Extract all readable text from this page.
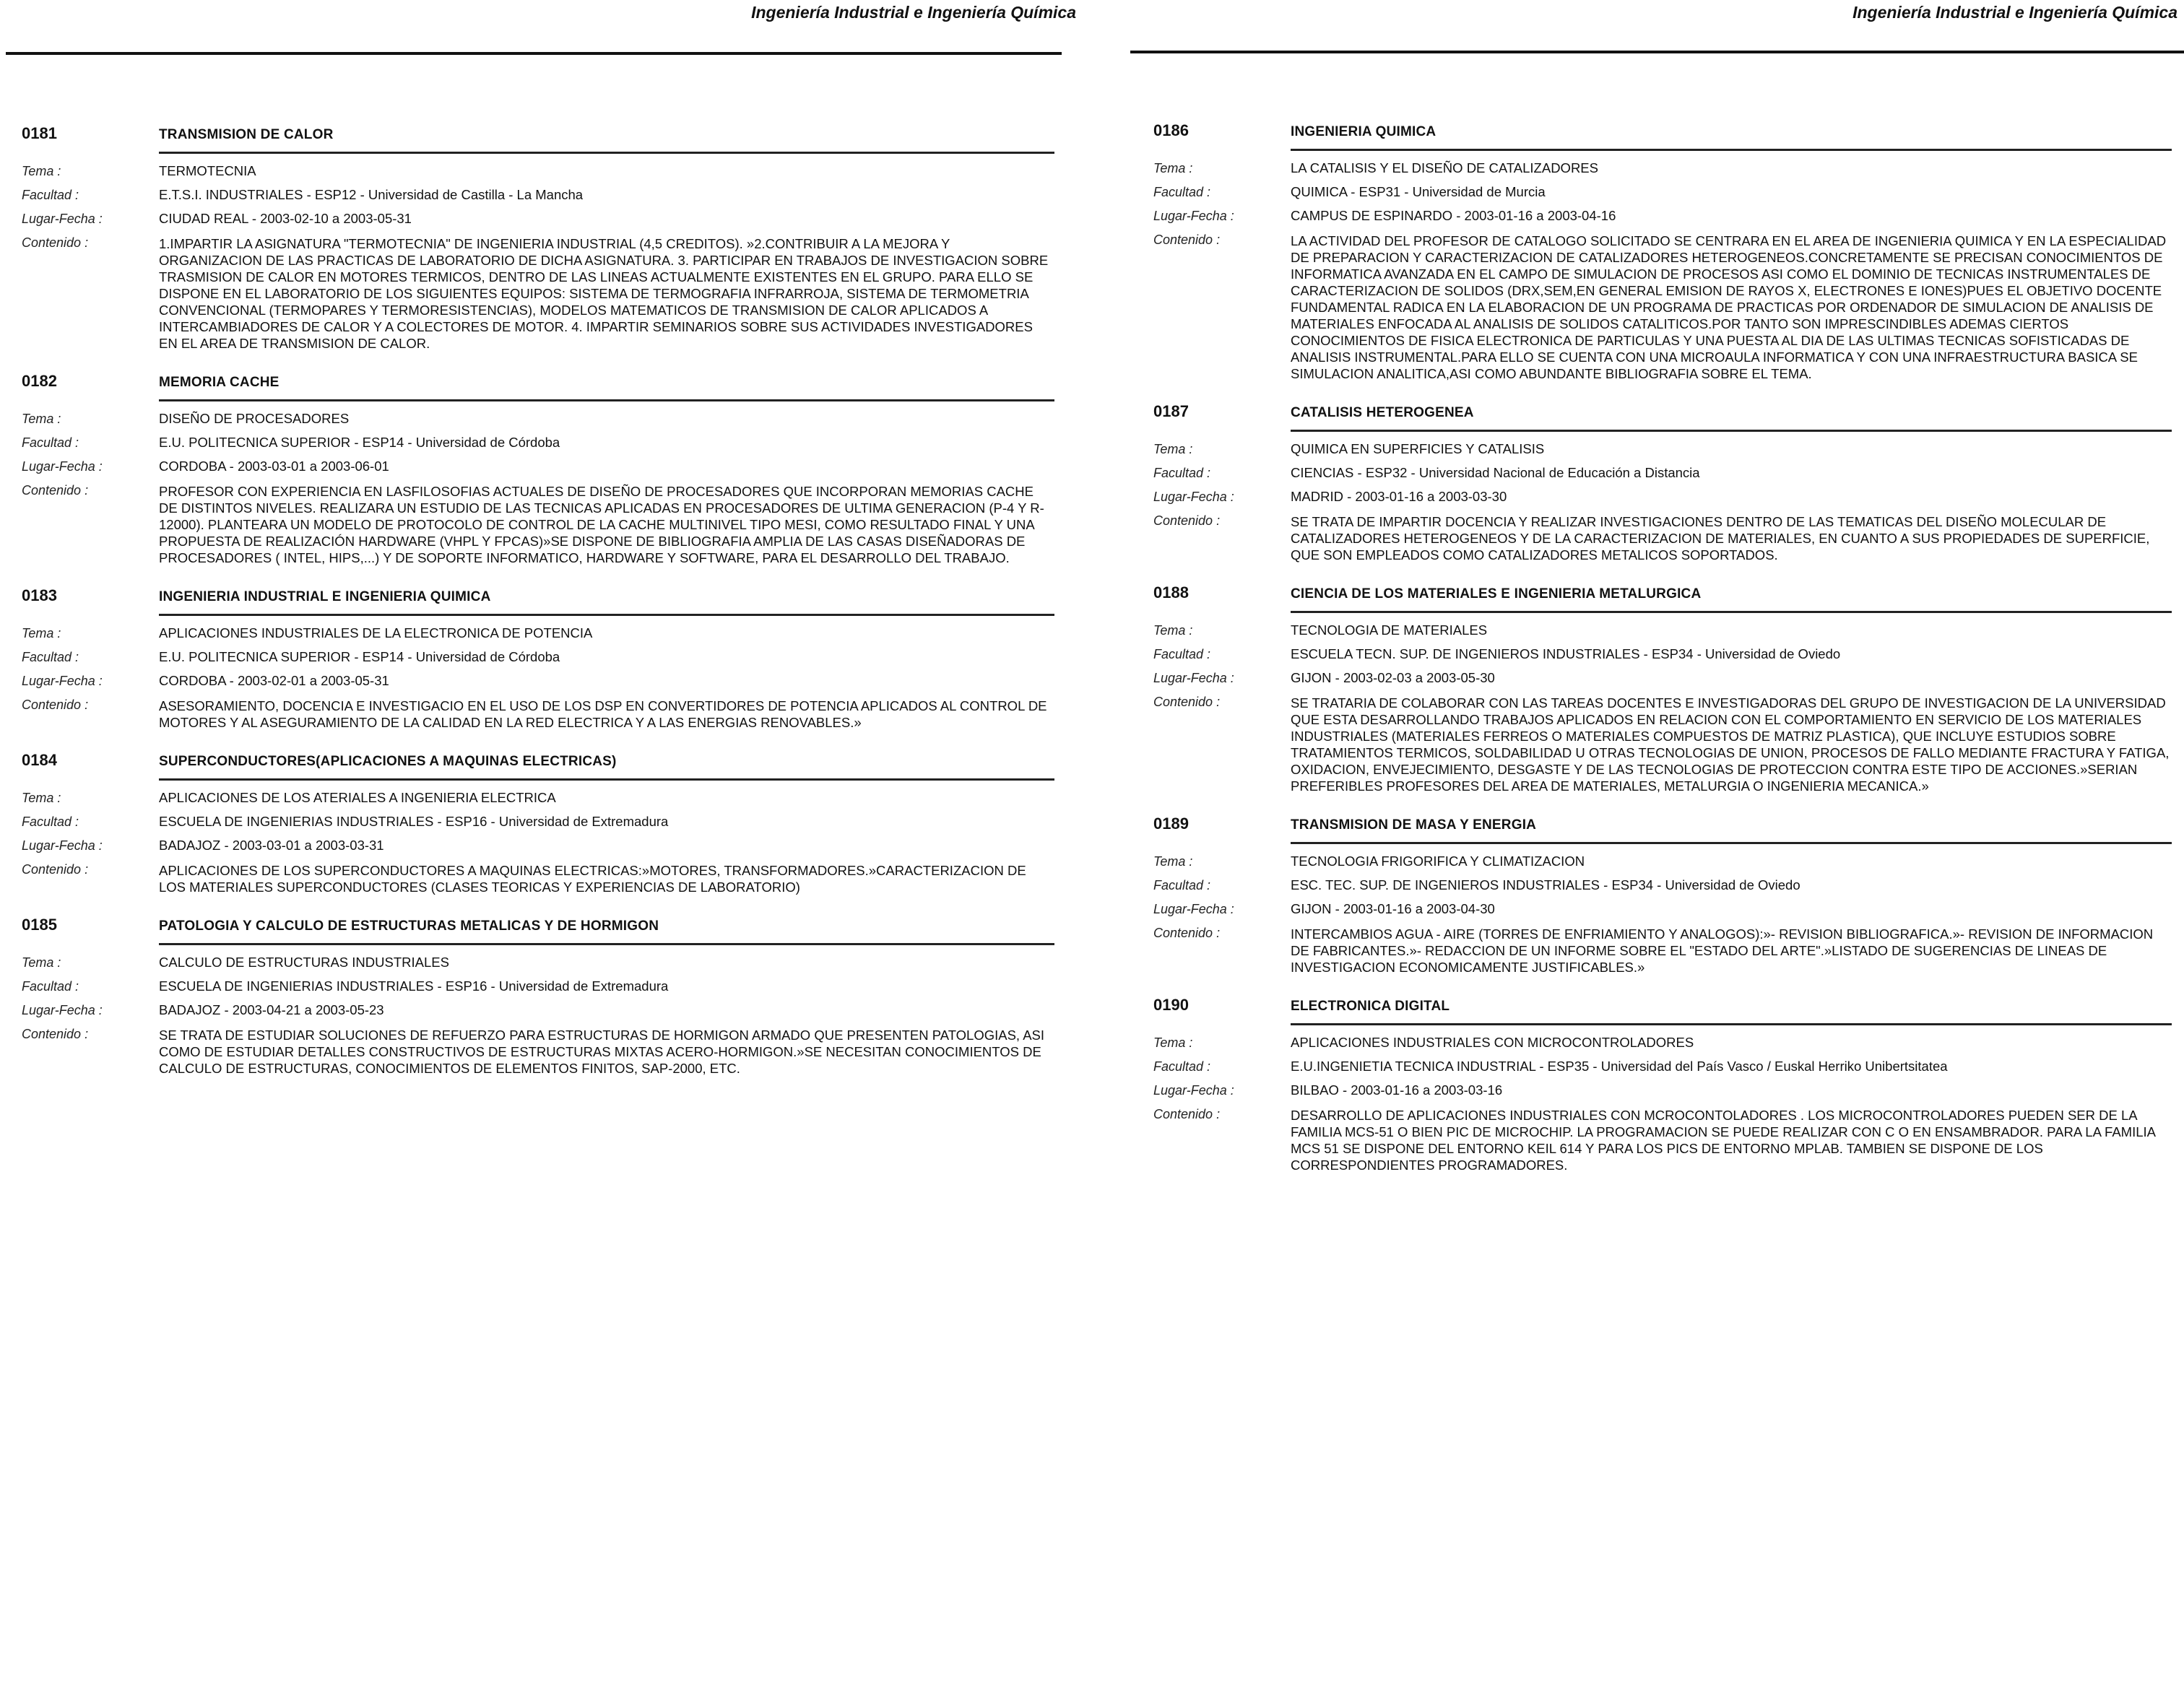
Ingeniería Industrial e Ingeniería Química
0181	TRANSMISION DE CALOR
Tema :	TERMOTECNIA
Facultad :	E.T.S.I. INDUSTRIALES - ESP12 - Universidad de Castilla - La Mancha
Lugar-Fecha :	CIUDAD REAL - 2003-02-10 a 2003-05-31
Contenido :	1.IMPARTIR LA ASIGNATURA "TERMOTECNIA" DE INGENIERIA INDUSTRIAL (4,5 CREDITOS). »2.CONTRIBUIR A LA MEJORA Y ORGANIZACION DE LAS PRACTICAS DE LABORATORIO DE DICHA ASIGNATURA. 3. PARTICIPAR EN TRABAJOS DE INVESTIGACION SOBRE TRASMISION DE CALOR EN MOTORES TERMICOS, DENTRO DE LAS LINEAS ACTUALMENTE EXISTENTES EN EL GRUPO. PARA ELLO SE DISPONE EN EL LABORATORIO DE LOS SIGUIENTES EQUIPOS: SISTEMA DE TERMOGRAFIA INFRARROJA, SISTEMA DE TERMOMETRIA CONVENCIONAL (TERMOPARES Y TERMORESISTENCIAS), MODELOS MATEMATICOS DE TRANSMISION DE CALOR APLICADOS A INTERCAMBIADORES DE CALOR Y A COLECTORES DE MOTOR. 4. IMPARTIR SEMINARIOS SOBRE SUS ACTIVIDADES INVESTIGADORES EN EL AREA DE TRANSMISION DE CALOR.
0182	MEMORIA CACHE
Tema :	DISEÑO DE PROCESADORES
Facultad :	E.U. POLITECNICA SUPERIOR - ESP14 - Universidad de Córdoba
Lugar-Fecha :	CORDOBA - 2003-03-01 a 2003-06-01
Contenido :	PROFESOR CON EXPERIENCIA EN LASFILOSOFIAS ACTUALES DE DISEÑO DE PROCESADORES QUE INCORPORAN MEMORIAS CACHE DE DISTINTOS NIVELES. REALIZARA UN ESTUDIO DE LAS TECNICAS APLICADAS EN PROCESADORES DE ULTIMA GENERACION (P-4 Y R-12000). PLANTEARA UN MODELO DE PROTOCOLO DE CONTROL DE LA CACHE MULTINIVEL TIPO MESI, COMO RESULTADO FINAL Y UNA PROPUESTA DE REALIZACIÓN HARDWARE (VHPL Y FPCAS)»SE DISPONE DE BIBLIOGRAFIA AMPLIA DE LAS CASAS DISEÑADORAS DE PROCESADORES ( INTEL, HIPS,...) Y DE SOPORTE INFORMATICO, HARDWARE Y SOFTWARE, PARA EL DESARROLLO DEL TRABAJO.
0183	INGENIERIA INDUSTRIAL E INGENIERIA QUIMICA
Tema :	APLICACIONES INDUSTRIALES DE LA ELECTRONICA DE POTENCIA
Facultad :	E.U. POLITECNICA SUPERIOR - ESP14 - Universidad de Córdoba
Lugar-Fecha :	CORDOBA - 2003-02-01 a 2003-05-31
Contenido :	ASESORAMIENTO, DOCENCIA E INVESTIGACIO EN EL USO DE LOS DSP EN CONVERTIDORES DE POTENCIA APLICADOS AL CONTROL DE MOTORES Y AL ASEGURAMIENTO DE LA CALIDAD EN LA RED ELECTRICA Y A LAS ENERGIAS RENOVABLES.»
0184	SUPERCONDUCTORES(APLICACIONES A MAQUINAS ELECTRICAS)
Tema :	APLICACIONES DE LOS ATERIALES A INGENIERIA ELECTRICA
Facultad :	ESCUELA DE INGENIERIAS INDUSTRIALES - ESP16 - Universidad de Extremadura
Lugar-Fecha :	BADAJOZ - 2003-03-01 a 2003-03-31
Contenido :	APLICACIONES DE LOS SUPERCONDUCTORES A MAQUINAS ELECTRICAS:»MOTORES, TRANSFORMADORES.»CARACTERIZACION DE LOS MATERIALES SUPERCONDUCTORES (CLASES TEORICAS Y EXPERIENCIAS DE LABORATORIO)
0185	PATOLOGIA Y CALCULO DE ESTRUCTURAS METALICAS Y DE HORMIGON
Tema :	CALCULO DE ESTRUCTURAS INDUSTRIALES
Facultad :	ESCUELA DE INGENIERIAS INDUSTRIALES - ESP16 - Universidad de Extremadura
Lugar-Fecha :	BADAJOZ - 2003-04-21 a 2003-05-23
Contenido :	SE TRATA DE ESTUDIAR SOLUCIONES DE REFUERZO PARA ESTRUCTURAS DE HORMIGON ARMADO QUE PRESENTEN PATOLOGIAS, ASI COMO DE ESTUDIAR DETALLES CONSTRUCTIVOS DE ESTRUCTURAS MIXTAS ACERO-HORMIGON.»SE NECESITAN CONOCIMIENTOS DE CALCULO DE ESTRUCTURAS, CONOCIMIENTOS DE ELEMENTOS FINITOS, SAP-2000, ETC.
Ingeniería Industrial e Ingeniería Química
0186	INGENIERIA QUIMICA
Tema :	LA CATALISIS Y EL DISEÑO DE CATALIZADORES
Facultad :	QUIMICA - ESP31 - Universidad de Murcia
Lugar-Fecha :	CAMPUS DE ESPINARDO - 2003-01-16 a 2003-04-16
Contenido :	LA ACTIVIDAD DEL PROFESOR DE CATALOGO SOLICITADO SE CENTRARA EN EL AREA DE INGENIERIA QUIMICA Y EN LA ESPECIALIDAD DE PREPARACION Y CARACTERIZACION DE CATALIZADORES HETEROGENEOS.CONCRETAMENTE SE PRECISAN CONOCIMIENTOS DE INFORMATICA AVANZADA EN EL CAMPO DE SIMULACION DE PROCESOS ASI COMO EL DOMINIO DE TECNICAS INSTRUMENTALES DE CARACTERIZACION DE SOLIDOS (DRX,SEM,EN GENERAL EMISION DE RAYOS X, ELECTRONES E IONES)PUES EL OBJETIVO DOCENTE FUNDAMENTAL RADICA EN LA ELABORACION DE UN PROGRAMA DE PRACTICAS POR ORDENADOR DE SIMULACION DE ANALISIS DE MATERIALES ENFOCADA AL ANALISIS DE SOLIDOS CATALITICOS.POR TANTO SON IMPRESCINDIBLES ADEMAS CIERTOS CONOCIMIENTOS DE FISICA ELECTRONICA DE PARTICULAS Y UNA PUESTA AL DIA DE LAS ULTIMAS TECNICAS SOFISTICADAS DE ANALISIS INSTRUMENTAL.PARA ELLO SE CUENTA CON UNA MICROAULA INFORMATICA Y CON UNA INFRAESTRUCTURA BASICA SE SIMULACION ANALITICA,ASI COMO ABUNDANTE BIBLIOGRAFIA SOBRE EL TEMA.
0187	CATALISIS HETEROGENEA
Tema :	QUIMICA EN SUPERFICIES Y CATALISIS
Facultad :	CIENCIAS - ESP32 - Universidad Nacional de Educación a Distancia
Lugar-Fecha :	MADRID - 2003-01-16 a 2003-03-30
Contenido :	SE TRATA DE IMPARTIR DOCENCIA Y REALIZAR INVESTIGACIONES DENTRO DE LAS TEMATICAS DEL DISEÑO MOLECULAR DE CATALIZADORES HETEROGENEOS Y DE LA CARACTERIZACION DE MATERIALES, EN CUANTO A SUS PROPIEDADES DE SUPERFICIE, QUE SON EMPLEADOS COMO CATALIZADORES METALICOS SOPORTADOS.
0188	CIENCIA DE LOS MATERIALES E INGENIERIA METALURGICA
Tema :	TECNOLOGIA DE MATERIALES
Facultad :	ESCUELA TECN. SUP. DE INGENIEROS INDUSTRIALES - ESP34 - Universidad de Oviedo
Lugar-Fecha :	GIJON - 2003-02-03 a 2003-05-30
Contenido :	SE TRATARIA DE COLABORAR CON LAS TAREAS DOCENTES E INVESTIGADORAS DEL GRUPO DE INVESTIGACION DE LA UNIVERSIDAD QUE ESTA DESARROLLANDO TRABAJOS APLICADOS EN RELACION CON EL COMPORTAMIENTO EN SERVICIO DE LOS MATERIALES INDUSTRIALES (MATERIALES FERREOS O MATERIALES COMPUESTOS DE MATRIZ PLASTICA), QUE INCLUYE ESTUDIOS SOBRE TRATAMIENTOS TERMICOS, SOLDABILIDAD U OTRAS TECNOLOGIAS DE UNION, PROCESOS DE FALLO MEDIANTE FRACTURA Y FATIGA, OXIDACION, ENVEJECIMIENTO, DESGASTE Y DE LAS TECNOLOGIAS DE PROTECCION CONTRA ESTE TIPO DE ACCIONES.»SERIAN PREFERIBLES PROFESORES DEL AREA DE MATERIALES, METALURGIA O INGENIERIA MECANICA.»
0189	TRANSMISION DE MASA Y ENERGIA
Tema :	TECNOLOGIA FRIGORIFICA Y CLIMATIZACION
Facultad :	ESC. TEC. SUP. DE INGENIEROS INDUSTRIALES - ESP34 - Universidad de Oviedo
Lugar-Fecha :	GIJON - 2003-01-16 a 2003-04-30
Contenido :	INTERCAMBIOS AGUA - AIRE (TORRES DE ENFRIAMIENTO Y ANALOGOS):»- REVISION BIBLIOGRAFICA.»- REVISION DE INFORMACION DE FABRICANTES.»- REDACCION DE UN INFORME SOBRE EL "ESTADO DEL ARTE".»LISTADO DE SUGERENCIAS DE LINEAS DE INVESTIGACION ECONOMICAMENTE JUSTIFICABLES.»
0190	ELECTRONICA DIGITAL
Tema :	APLICACIONES INDUSTRIALES CON MICROCONTROLADORES
Facultad :	E.U.INGENIETIA TECNICA INDUSTRIAL - ESP35 - Universidad del País Vasco / Euskal Herriko Unibertsitatea
Lugar-Fecha :	BILBAO - 2003-01-16 a 2003-03-16
Contenido :	DESARROLLO DE APLICACIONES INDUSTRIALES CON MCROCONTOLADORES . LOS MICROCONTROLADORES PUEDEN SER DE LA FAMILIA MCS-51 O BIEN PIC DE MICROCHIP. LA PROGRAMACION SE PUEDE REALIZAR CON C O EN ENSAMBRADOR. PARA LA FAMILIA MCS 51 SE DISPONE DEL ENTORNO KEIL 614 Y PARA LOS PICS DE ENTORNO MPLAB. TAMBIEN SE DISPONE DE LOS CORRESPONDIENTES PROGRAMADORES.
